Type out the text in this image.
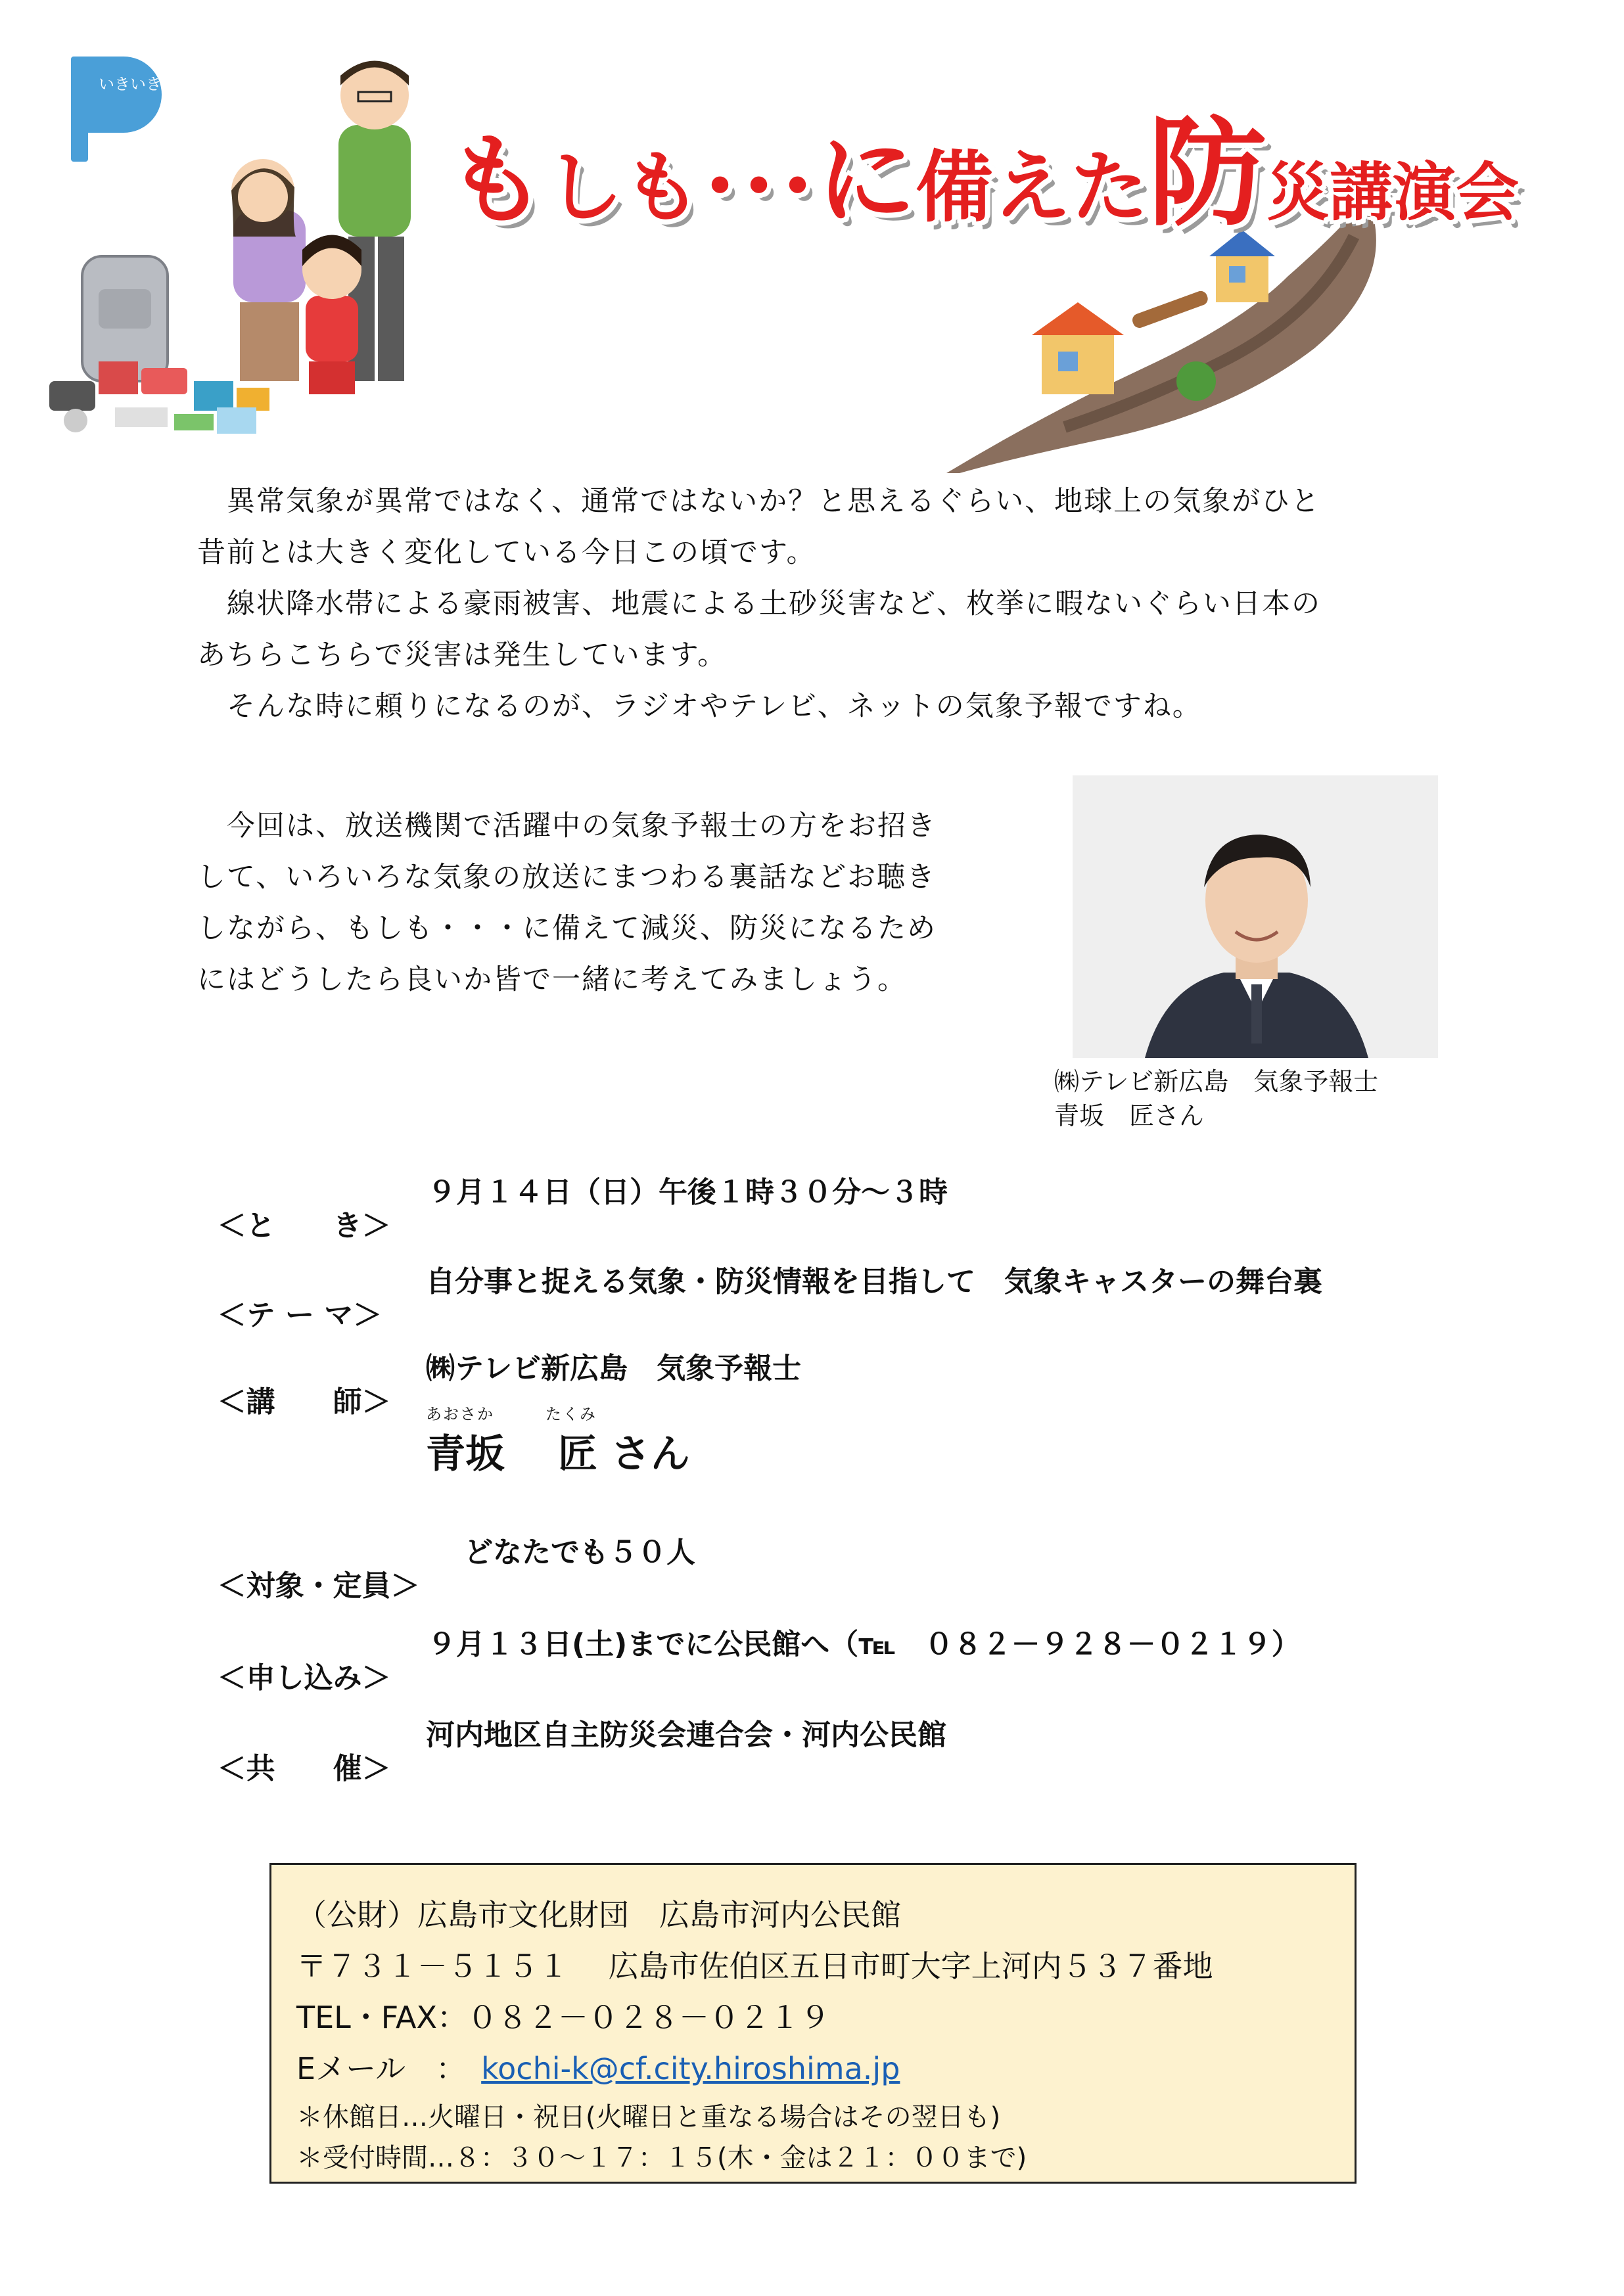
いきいき
もしも･･･に備えた防災講演会

　異常気象が異常ではなく、通常ではないか？と思えるぐらい、地球上の気象がひと

昔前とは大きく変化している今日この頃です。

　線状降水帯による豪雨被害、地震による土砂災害など、枚挙に暇ないぐらい日本の

あちらこちらで災害は発生しています。

　そんな時に頼りになるのが、ラジオやテレビ、ネットの気象予報ですね。

　今回は、放送機関で活躍中の気象予報士の方をお招き

して、いろいろな気象の放送にまつわる裏話などお聴き

しながら、もしも・・・に備えて減災、防災になるため

にはどうしたら良いか皆で一緒に考えてみましょう。

㈱テレビ新広島　気象予報士
青坂　匠さん

＜と　　き＞

９月１４日（日）午後１時３０分～３時

＜テ ー マ＞

自分事と捉える気象・防災情報を目指して　気象キャスターの舞台裏

＜講　　師＞

㈱テレビ新広島　気象予報士

あおさか　　　たくみ
青坂　 匠 さん

＜対象・定員＞

どなたでも５０人

＜申し込み＞

９月１３日(土)までに公民館へ（℡　０８２－９２８－０２１９）

＜共　　催＞

河内地区自主防災会連合会・河内公民館

（公財）広島市文化財団　広島市河内公民館
〒７３１－５１５１　 広島市佐伯区五日市町大字上河内５３７番地
TEL・FAX：０８２－０２８－０２１９
Eメール　：　kochi-k@cf.city.hiroshima.jp
＊休館日…火曜日・祝日(火曜日と重なる場合はその翌日も)
＊受付時間…８：３０～１７：１５(木・金は２１：００まで)
